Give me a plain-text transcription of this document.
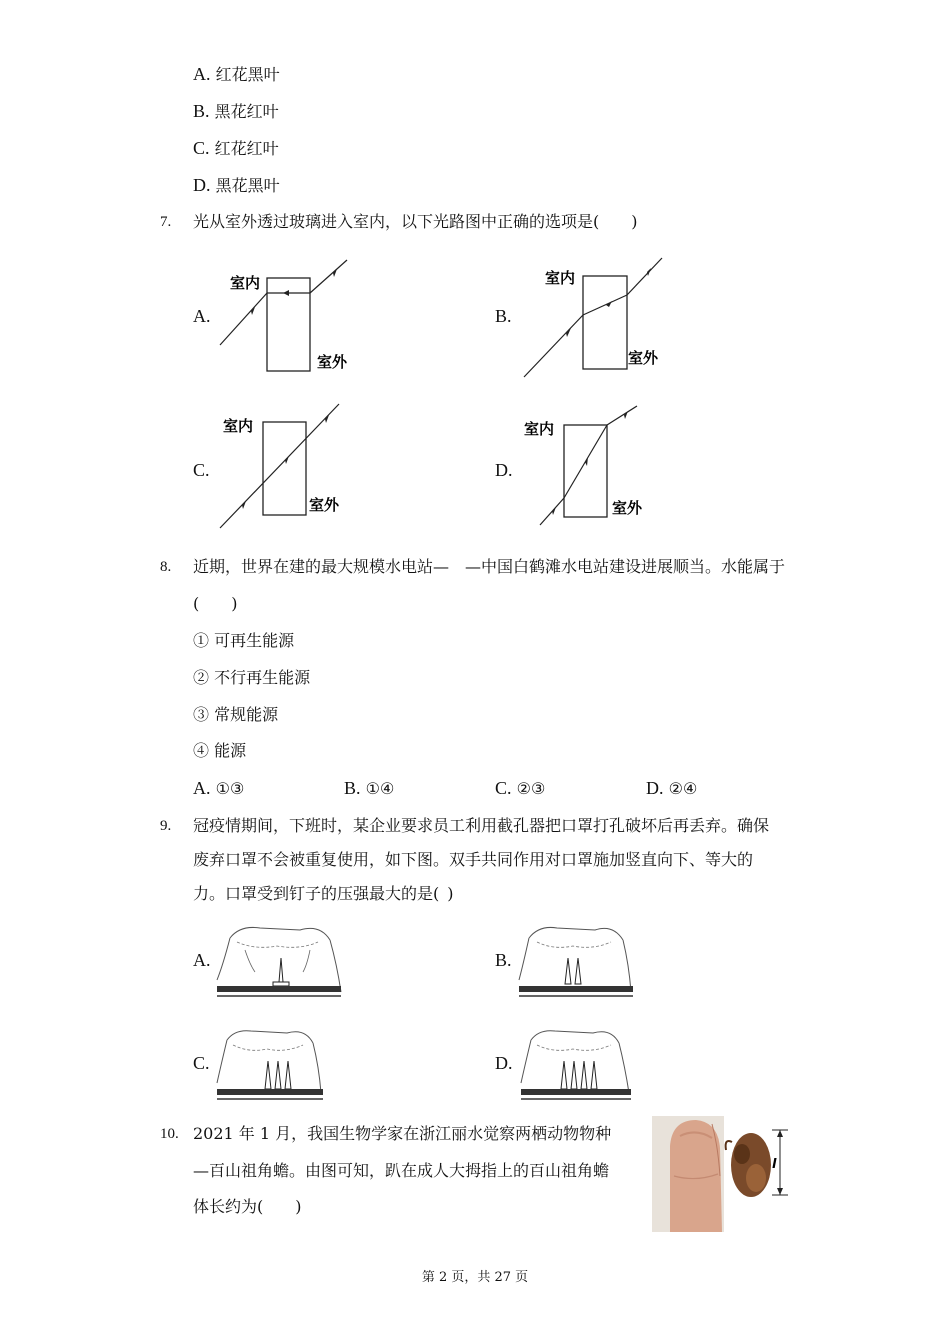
A. 红花黑叶
B. 黑花红叶
C. 红花红叶
D. 黑花黑叶
7. 光从室外透过玻璃进入室内，以下光路图中正确的选项是(　　)
A.	B.
C.	D.
室内
室外
室内
室外
室内
室外
室内
室外
8. 近期，世界在建的最大规模水电站—　—中国白鹤滩水电站建设进展顺当。水能属于
(　　)
① 可再生能源
② 不行再生能源
③ 常规能源
④ 能源
A. ①③	B. ①④	C. ②③	D. ②④
9. 冠疫情期间，下班时，某企业要求员工利用截孔器把口罩打孔破坏后再丢弃。确保
废弃口罩不会被重复使用，如下图。双手共同作用对口罩施加竖直向下、等大的
力。口罩受到钉子的压强最大的是( )
A.	B.
C.	D.
10. 2021 年 1 月，我国生物学家在浙江丽水觉察两栖动物物种
—百山祖角蟾。由图可知，趴在成人大拇指上的百山祖角蟾
体长约为(　　)
l
第 2 页，共 27 页
